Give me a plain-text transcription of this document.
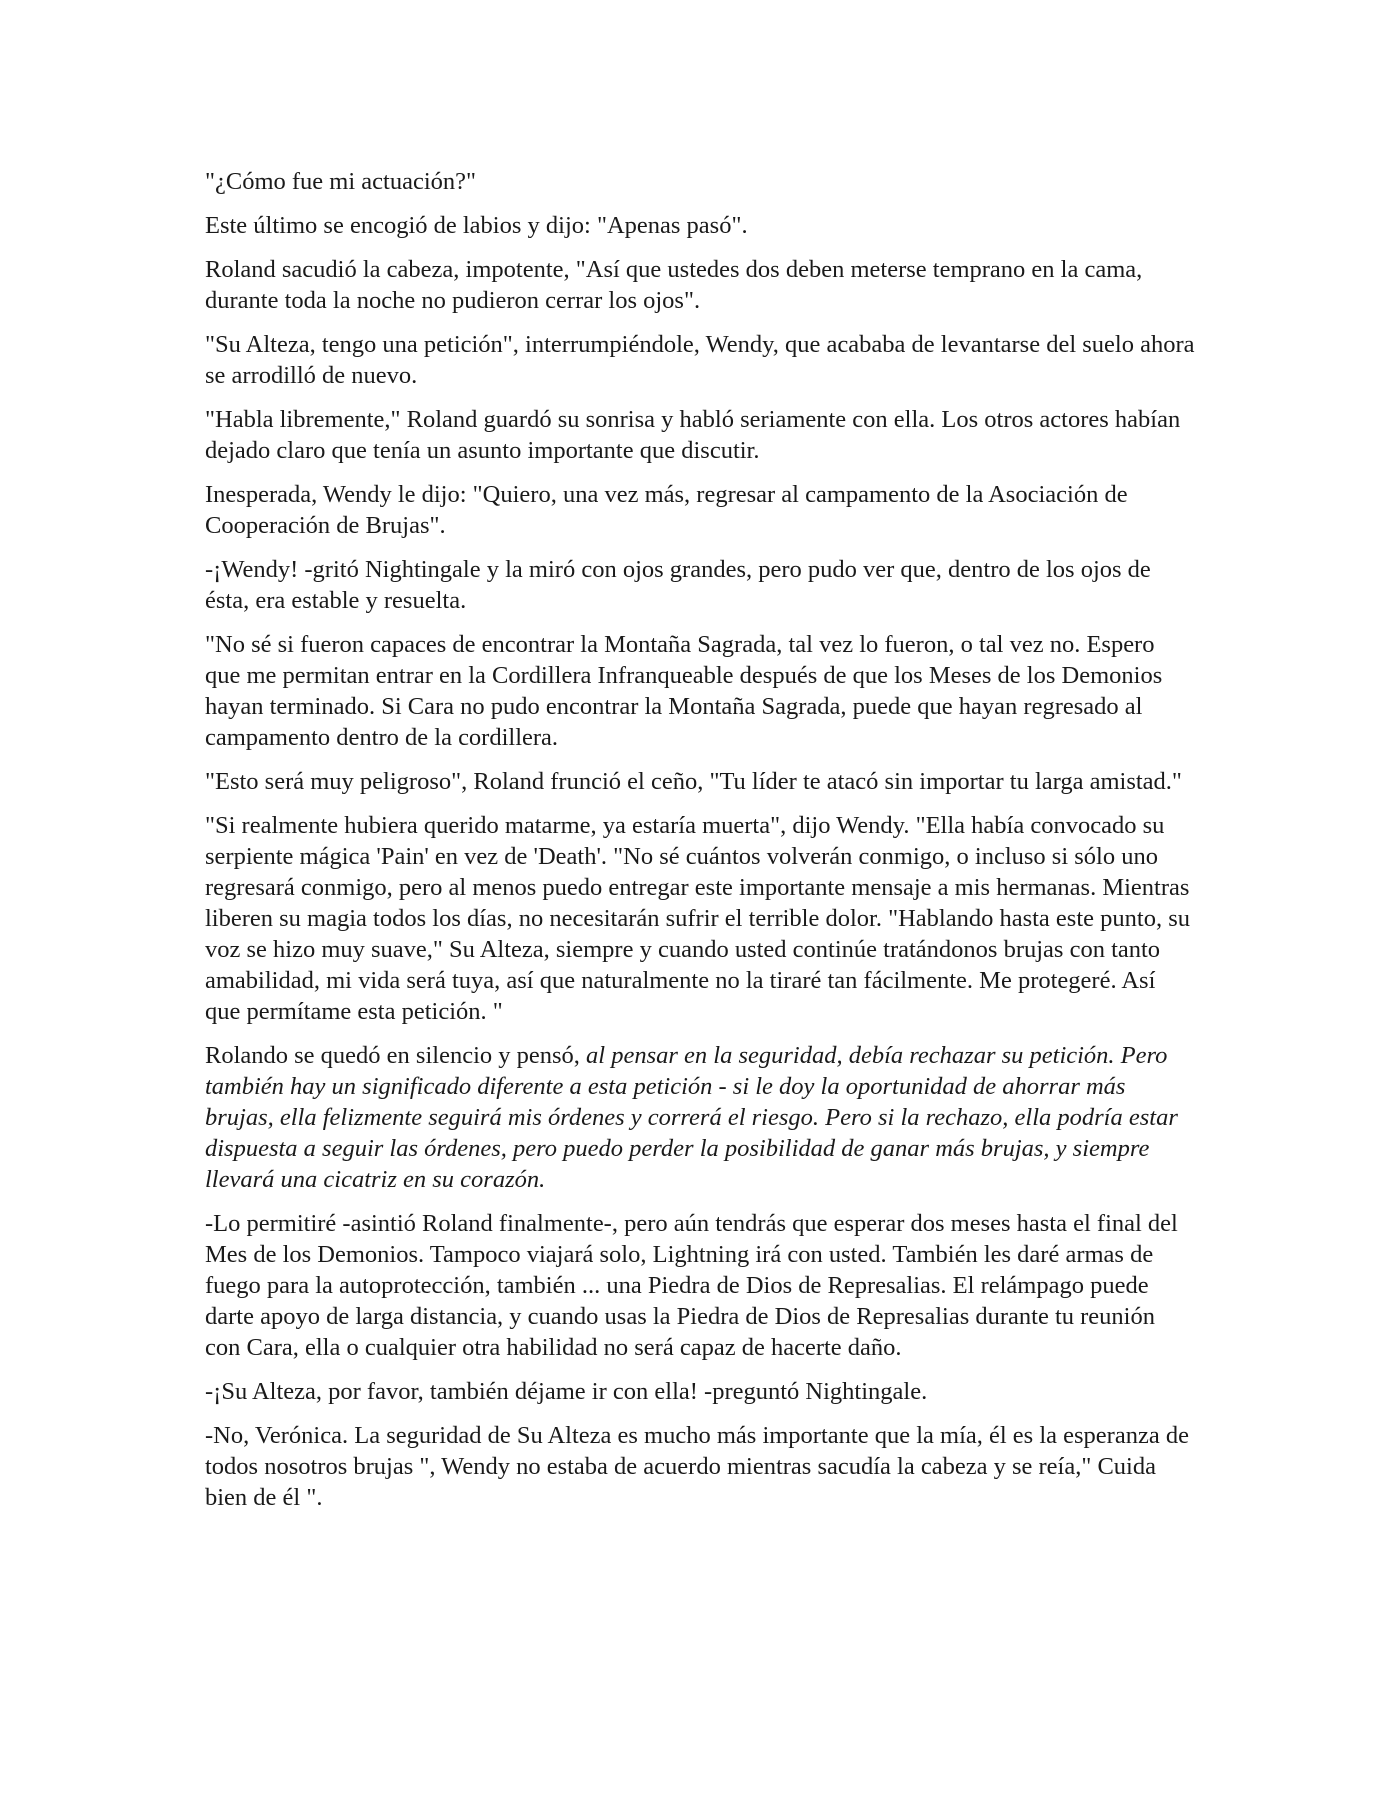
"¿Cómo fue mi actuación?"

Este último se encogió de labios y dijo: "Apenas pasó".

Roland sacudió la cabeza, impotente, "Así que ustedes dos deben meterse temprano en la cama, durante toda la noche no pudieron cerrar los ojos".

"Su Alteza, tengo una petición", interrumpiéndole, Wendy, que acababa de levantarse del suelo ahora se arrodilló de nuevo.

"Habla libremente," Roland guardó su sonrisa y habló seriamente con ella. Los otros actores habían dejado claro que tenía un asunto importante que discutir.

Inesperada, Wendy le dijo: "Quiero, una vez más, regresar al campamento de la Asociación de Cooperación de Brujas".

-¡Wendy! -gritó Nightingale y la miró con ojos grandes, pero pudo ver que, dentro de los ojos de ésta, era estable y resuelta.

"No sé si fueron capaces de encontrar la Montaña Sagrada, tal vez lo fueron, o tal vez no. Espero que me permitan entrar en la Cordillera Infranqueable después de que los Meses de los Demonios hayan terminado. Si Cara no pudo encontrar la Montaña Sagrada, puede que hayan regresado al campamento dentro de la cordillera.

"Esto será muy peligroso", Roland frunció el ceño, "Tu líder te atacó sin importar tu larga amistad."

"Si realmente hubiera querido matarme, ya estaría muerta", dijo Wendy. "Ella había convocado su serpiente mágica 'Pain' en vez de 'Death'. "No sé cuántos volverán conmigo, o incluso si sólo uno regresará conmigo, pero al menos puedo entregar este importante mensaje a mis hermanas. Mientras liberen su magia todos los días, no necesitarán sufrir el terrible dolor. "Hablando hasta este punto, su voz se hizo muy suave," Su Alteza, siempre y cuando usted continúe tratándonos brujas con tanto amabilidad, mi vida será tuya, así que naturalmente no la tiraré tan fácilmente. Me protegeré. Así que permítame esta petición. "

Rolando se quedó en silencio y pensó, al pensar en la seguridad, debía rechazar su petición. Pero también hay un significado diferente a esta petición - si le doy la oportunidad de ahorrar más brujas, ella felizmente seguirá mis órdenes y correrá el riesgo. Pero si la rechazo, ella podría estar dispuesta a seguir las órdenes, pero puedo perder la posibilidad de ganar más brujas, y siempre llevará una cicatriz en su corazón.

-Lo permitiré -asintió Roland finalmente-, pero aún tendrás que esperar dos meses hasta el final del Mes de los Demonios. Tampoco viajará solo, Lightning irá con usted. También les daré armas de fuego para la autoprotección, también ... una Piedra de Dios de Represalias. El relámpago puede darte apoyo de larga distancia, y cuando usas la Piedra de Dios de Represalias durante tu reunión con Cara, ella o cualquier otra habilidad no será capaz de hacerte daño.

-¡Su Alteza, por favor, también déjame ir con ella! -preguntó Nightingale.

-No, Verónica. La seguridad de Su Alteza es mucho más importante que la mía, él es la esperanza de todos nosotros brujas ", Wendy no estaba de acuerdo mientras sacudía la cabeza y se reía," Cuida bien de él ".
